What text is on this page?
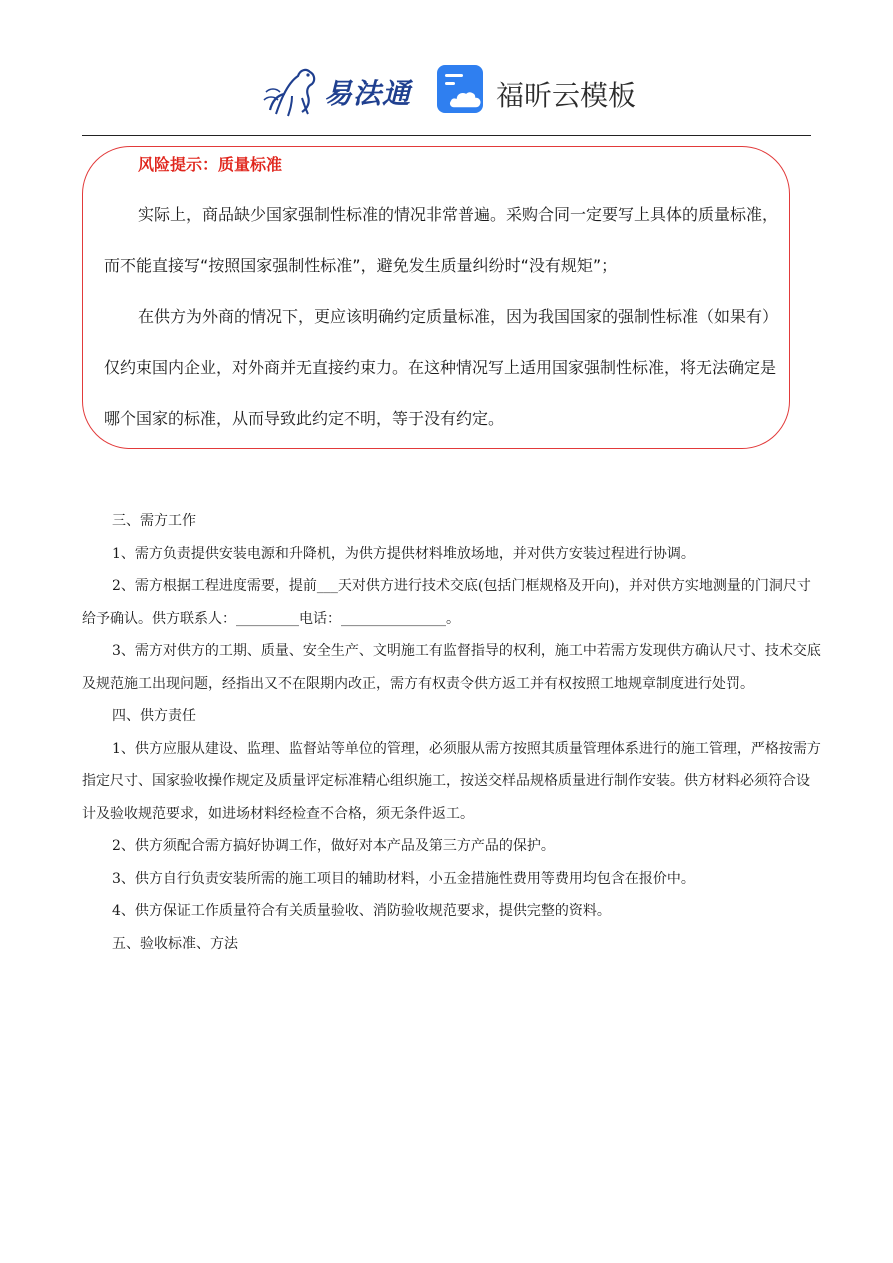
易法通	福昕云模板
风险提示：质量标准

实际上，商品缺少国家强制性标准的情况非常普遍。采购合同一定要写上具体的质量标准，而不能直接写“按照国家强制性标准”，避免发生质量纠纷时“没有规矩”；

在供方为外商的情况下，更应该明确约定质量标准，因为我国国家的强制性标准（如果有）仅约束国内企业，对外商并无直接约束力。在这种情况写上适用国家强制性标准，将无法确定是哪个国家的标准，从而导致此约定不明，等于没有约定。

三、需方工作

1、需方负责提供安装电源和升降机，为供方提供材料堆放场地，并对供方安装过程进行协调。

2、需方根据工程进度需要，提前___天对供方进行技术交底(包括门框规格及开向)，并对供方实地测量的门洞尺寸给予确认。供方联系人：_________电话：_______________。

3、需方对供方的工期、质量、安全生产、文明施工有监督指导的权利，施工中若需方发现供方确认尺寸、技术交底及规范施工出现问题，经指出又不在限期内改正，需方有权责令供方返工并有权按照工地规章制度进行处罚。

四、供方责任

1、供方应服从建设、监理、监督站等单位的管理，必须服从需方按照其质量管理体系进行的施工管理，严格按需方指定尺寸、国家验收操作规定及质量评定标准精心组织施工，按送交样品规格质量进行制作安装。供方材料必须符合设计及验收规范要求，如进场材料经检查不合格，须无条件返工。

2、供方须配合需方搞好协调工作，做好对本产品及第三方产品的保护。

3、供方自行负责安装所需的施工项目的辅助材料，小五金措施性费用等费用均包含在报价中。

4、供方保证工作质量符合有关质量验收、消防验收规范要求，提供完整的资料。

五、验收标准、方法
